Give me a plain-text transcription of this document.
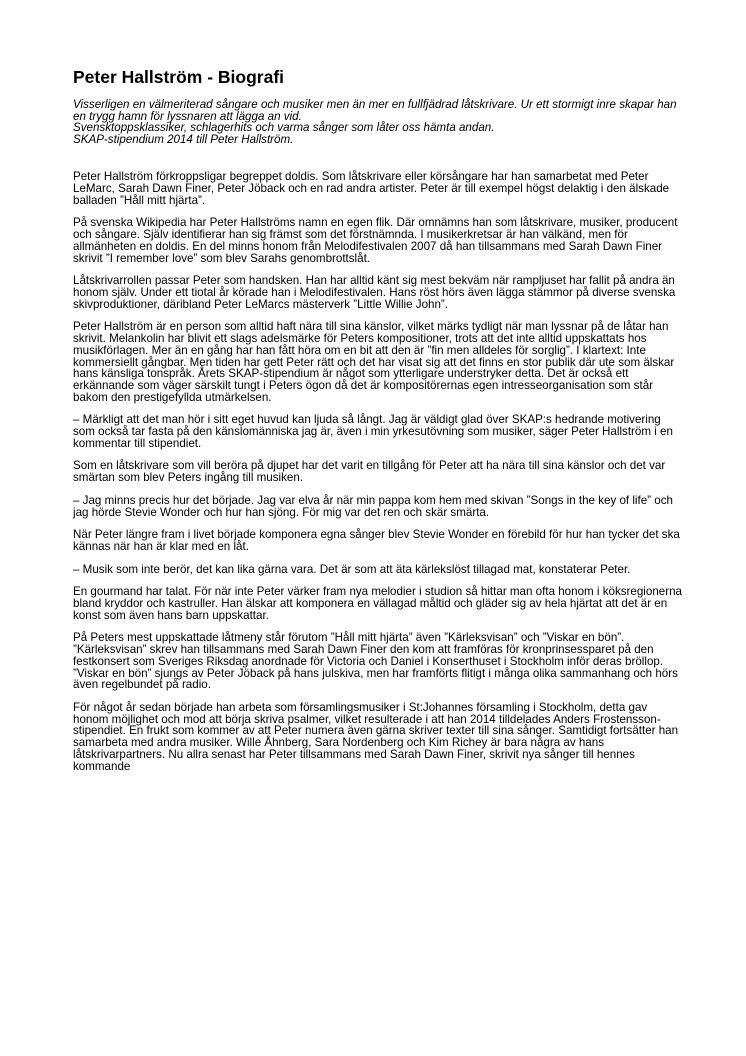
Peter Hallström - Biografi
Visserligen en välmeriterad sångare och musiker men än mer en fullfjädrad låtskrivare. Ur ett stormigt inre skapar han en trygg hamn för lyssnaren att lägga an vid.
Svensktoppsklassiker, schlagerhits och varma sånger som låter oss hämta andan.
SKAP-stipendium 2014 till Peter Hallström.

Peter Hallström förkroppsligar begreppet doldis. Som låtskrivare eller körsångare har han samarbetat med Peter LeMarc, Sarah Dawn Finer, Peter Jöback och en rad andra artister. Peter är till exempel högst delaktig i den älskade balladen ”Håll mitt hjärta”.

På svenska Wikipedia har Peter Hallströms namn en egen flik. Där omnämns han som låtskrivare, musiker, producent och sångare. Själv identifierar han sig främst som det förstnämnda. I musikerkretsar är han välkänd, men för allmänheten en doldis. En del minns honom från Melodifestivalen 2007 då han tillsammans med Sarah Dawn Finer skrivit ”I remember love” som blev Sarahs genombrottslåt.

Låtskrivarrollen passar Peter som handsken. Han har alltid känt sig mest bekväm när rampljuset har fallit på andra än honom själv. Under ett tiotal år körade han i Melodifestivalen. Hans röst hörs även lägga stämmor på diverse svenska skivproduktioner, däribland Peter LeMarcs mästerverk ”Little Willie John”.

Peter Hallström är en person som alltid haft nära till sina känslor, vilket märks tydligt när man lyssnar på de låtar han skrivit. Melankolin har blivit ett slags adelsmärke för Peters kompositioner, trots att det inte alltid uppskattats hos musikförlagen. Mer än en gång har han fått höra om en bit att den är ”fin men alldeles för sorglig”. I klartext: Inte kommersiellt gångbar. Men tiden har gett Peter rätt och det har visat sig att det finns en stor publik där ute som älskar hans känsliga tonspråk. Årets SKAP-stipendium är något som ytterligare understryker detta. Det är också ett erkännande som väger särskilt tungt i Peters ögon då det är kompositörernas egen intresseorganisation som står bakom den prestigefyllda utmärkelsen.

– Märkligt att det man hör i sitt eget huvud kan ljuda så långt. Jag är väldigt glad över SKAP:s hedrande motivering som också tar fasta på den känslomänniska jag är, även i min yrkesutövning som musiker, säger Peter Hallström i en kommentar till stipendiet.

Som en låtskrivare som vill beröra på djupet har det varit en tillgång för Peter att ha nära till sina känslor och det var smärtan som blev Peters ingång till musiken.

– Jag minns precis hur det började. Jag var elva år när min pappa kom hem med skivan ”Songs in the key of life” och jag hörde Stevie Wonder och hur han sjöng. För mig var det ren och skär smärta.

När Peter längre fram i livet började komponera egna sånger blev Stevie Wonder en förebild för hur han tycker det ska kännas när han är klar med en låt.

– Musik som inte berör, det kan lika gärna vara. Det är som att äta kärlekslöst tillagad mat, konstaterar Peter.

En gourmand har talat. För när inte Peter värker fram nya melodier i studion så hittar man ofta honom i köksregionerna bland kryddor och kastruller. Han älskar att komponera en vällagad måltid och gläder sig av hela hjärtat att det är en konst som även hans barn uppskattar.

På Peters mest uppskattade låtmeny står förutom ”Håll mitt hjärta” även ”Kärleksvisan” och ”Viskar en bön”. ”Kärleksvisan” skrev han tillsammans med Sarah Dawn Finer den kom att framföras för kronprinsessparet på den festkonsert som Sveriges Riksdag anordnade för Victoria och Daniel i Konserthuset i Stockholm inför deras bröllop. ”Viskar en bön” sjungs av Peter Jöback på hans julskiva, men har framförts flitigt i många olika sammanhang och hörs även regelbundet på radio.

För något år sedan började han arbeta som församlingsmusiker i St:Johannes församling i Stockholm, detta gav honom möjlighet och mod att börja skriva psalmer, vilket resulterade i att han 2014 tilldelades Anders Frostensson-stipendiet. En frukt som kommer av att Peter numera även gärna skriver texter till sina sånger. Samtidigt fortsätter han samarbeta med andra musiker. Wille Åhnberg, Sara Nordenberg och Kim Richey är bara några av hans låtskrivarpartners. Nu allra senast har Peter tillsammans med Sarah Dawn Finer, skrivit nya sånger till hennes kommande
